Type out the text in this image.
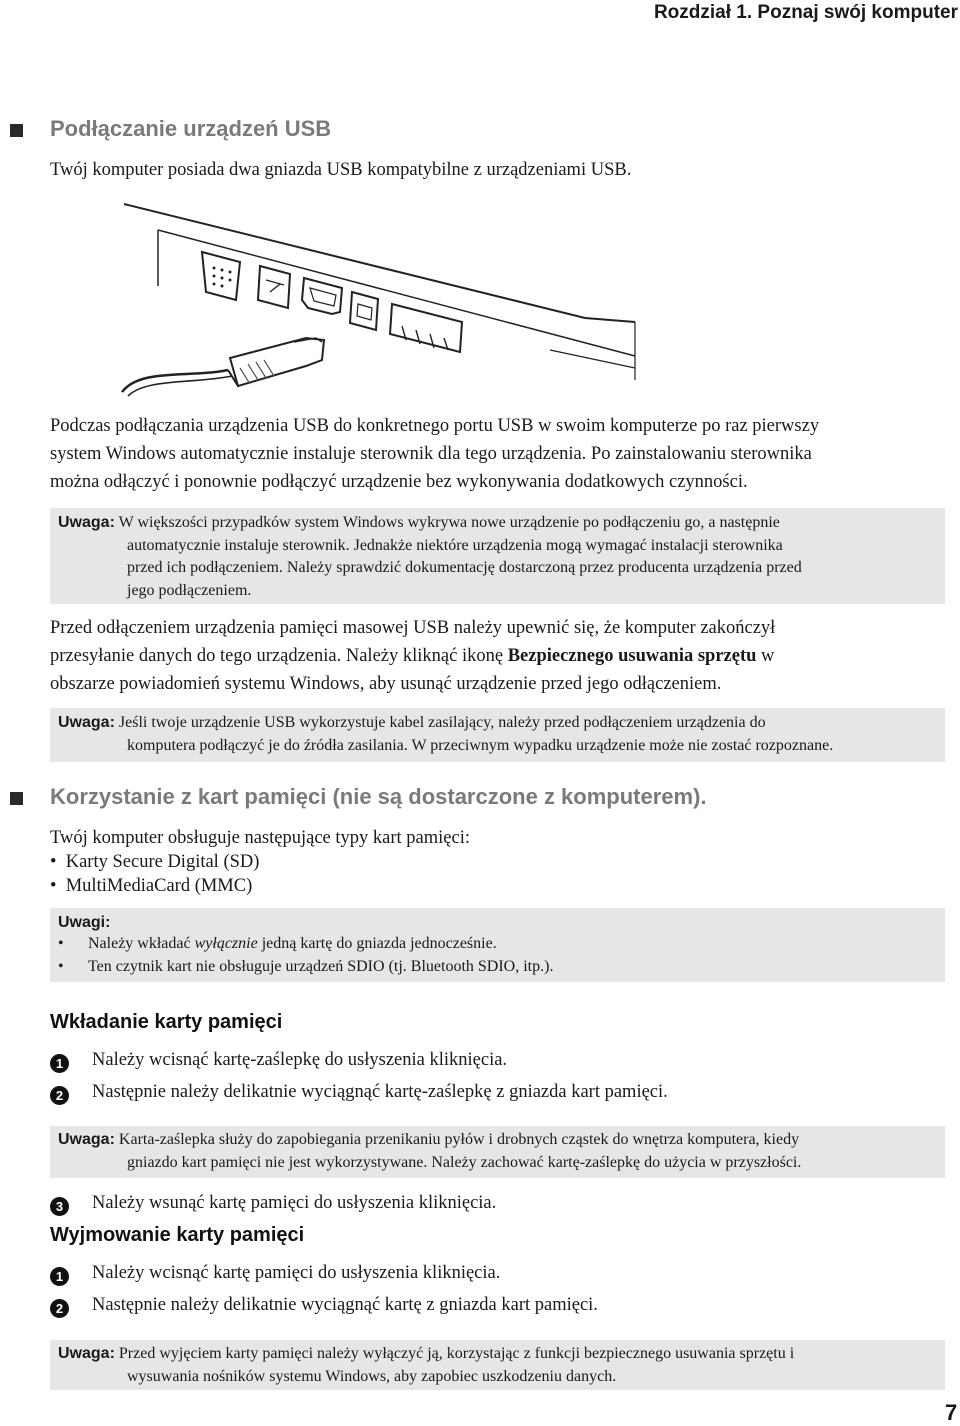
Rozdział 1. Poznaj swój komputer
Podłączanie urządzeń USB
Twój komputer posiada dwa gniazda USB kompatybilne z urządzeniami USB.
Podczas podłączania urządzenia USB do konkretnego portu USB w swoim komputerze po raz pierwszy
system Windows automatycznie instaluje sterownik dla tego urządzenia. Po zainstalowaniu sterownika
można odłączyć i ponownie podłączyć urządzenie bez wykonywania dodatkowych czynności.
Uwaga: W większości przypadków system Windows wykrywa nowe urządzenie po podłączeniu go, a następnie
automatycznie instaluje sterownik. Jednakże niektóre urządzenia mogą wymagać instalacji sterownika
przed ich podłączeniem. Należy sprawdzić dokumentację dostarczoną przez producenta urządzenia przed
jego podłączeniem.
Przed odłączeniem urządzenia pamięci masowej USB należy upewnić się, że komputer zakończył
przesyłanie danych do tego urządzenia. Należy kliknąć ikonę Bezpiecznego usuwania sprzętu w
obszarze powiadomień systemu Windows, aby usunąć urządzenie przed jego odłączeniem.
Uwaga: Jeśli twoje urządzenie USB wykorzystuje kabel zasilający, należy przed podłączeniem urządzenia do
komputera podłączyć je do źródła zasilania. W przeciwnym wypadku urządzenie może nie zostać rozpoznane.
Korzystanie z kart pamięci (nie są dostarczone z komputerem).
Twój komputer obsługuje następujące typy kart pamięci:
•  Karty Secure Digital (SD)
•  MultiMediaCard (MMC)
Uwagi:
• Należy wkładać wyłącznie jedną kartę do gniazda jednocześnie.
• Ten czytnik kart nie obsługuje urządzeń SDIO (tj. Bluetooth SDIO, itp.).
Wkładanie karty pamięci
1	Należy wcisnąć kartę-zaślepkę do usłyszenia kliknięcia.
2	Następnie należy delikatnie wyciągnąć kartę-zaślepkę z gniazda kart pamięci.
Uwaga: Karta-zaślepka służy do zapobiegania przenikaniu pyłów i drobnych cząstek do wnętrza komputera, kiedy
gniazdo kart pamięci nie jest wykorzystywane. Należy zachować kartę-zaślepkę do użycia w przyszłości.
3	Należy wsunąć kartę pamięci do usłyszenia kliknięcia.
Wyjmowanie karty pamięci
1	Należy wcisnąć kartę pamięci do usłyszenia kliknięcia.
2	Następnie należy delikatnie wyciągnąć kartę z gniazda kart pamięci.
Uwaga: Przed wyjęciem karty pamięci należy wyłączyć ją, korzystając z funkcji bezpiecznego usuwania sprzętu i
wysuwania nośników systemu Windows, aby zapobiec uszkodzeniu danych.
7
